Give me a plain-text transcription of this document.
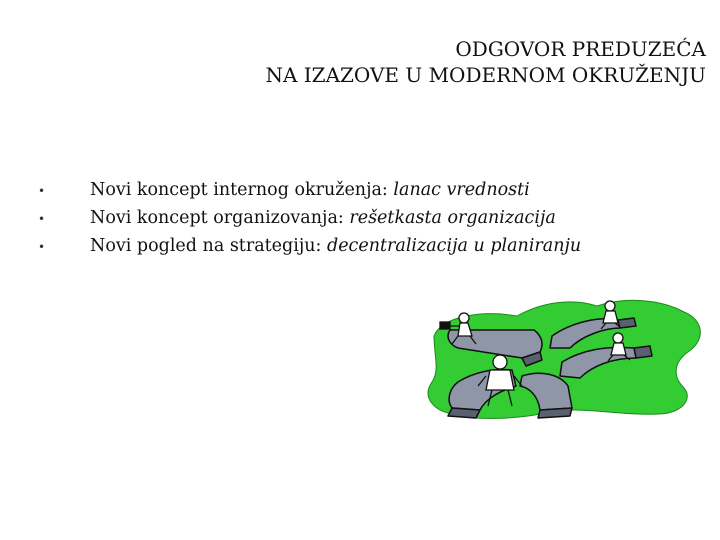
ODGOVOR PREDUZEĆA
NA IZAZOVE U MODERNOM OKRUŽENJU
•	Novi koncept internog okruženja:
lanac vrednosti
•	Novi koncept organizovanja:
rešetkasta organizacija
•	Novi pogled na strategiju:
decentralizacija u planiranju
